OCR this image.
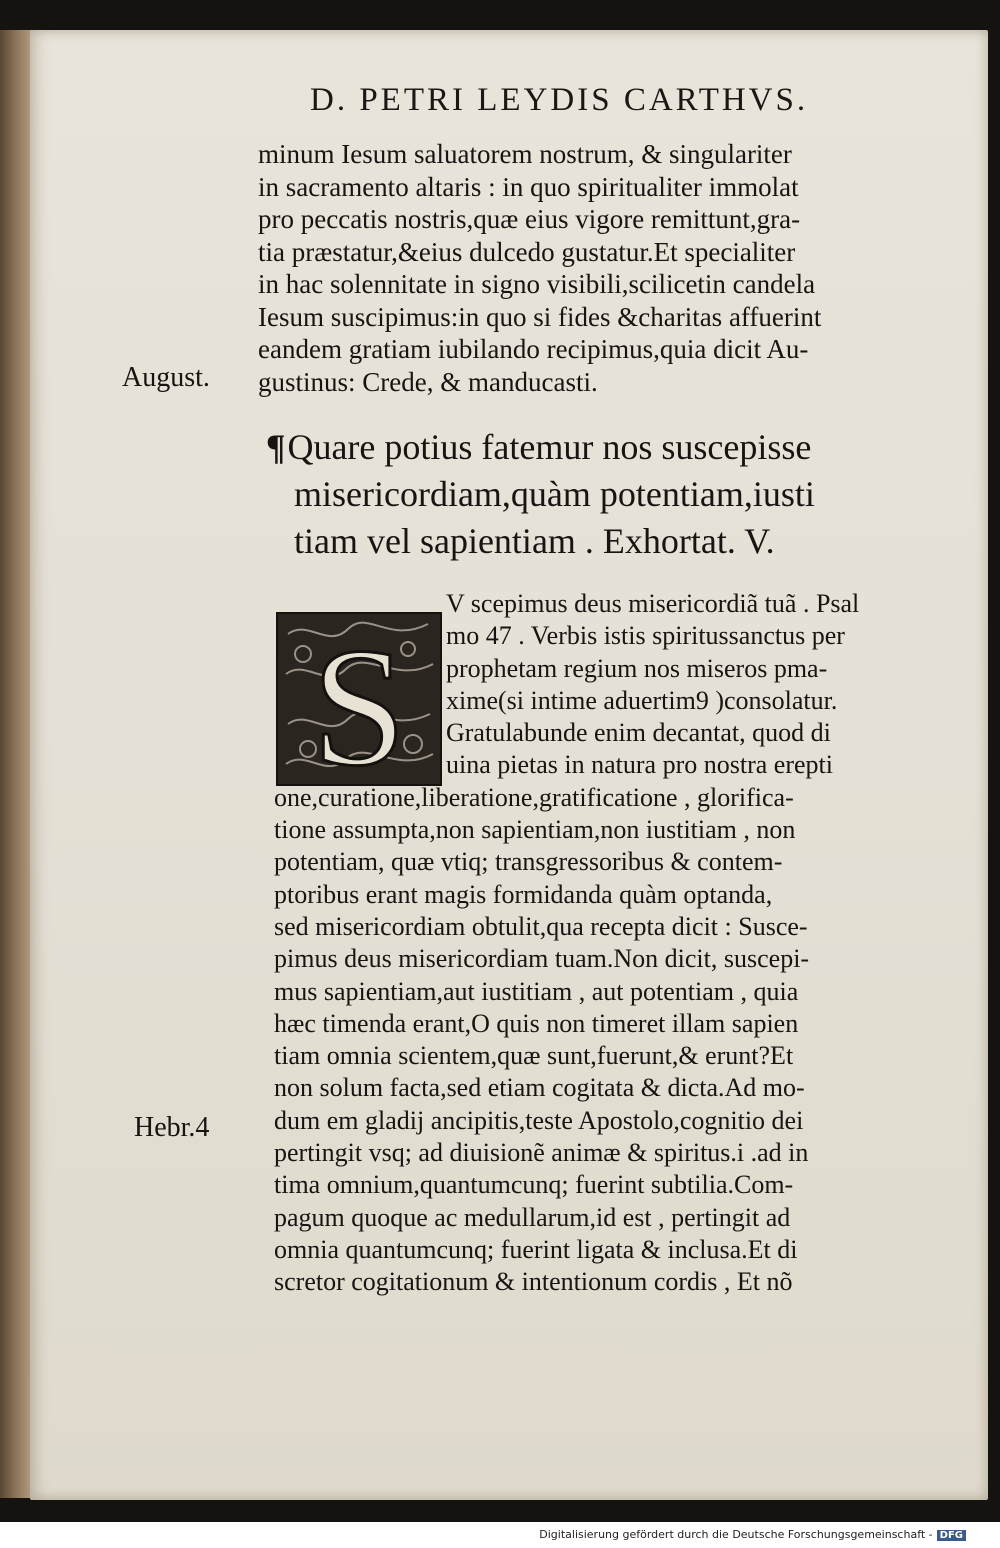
D. PETRI LEYDIS CARTHVS.
minum Iesum saluatorem nostrum, & singulariter
in sacramento altaris : in quo spiritualiter immolat
pro peccatis nostris,quæ eius vigore remittunt,gra-
tia præstatur,&eius dulcedo gustatur.Et specialiter
in hac solennitate in signo visibili,scilicetin candela
Iesum suscipimus:in quo si fides &charitas affuerint
eandem gratiam iubilando recipimus,quia dicit Au-
gustinus: Crede, & manducasti.
August.
¶Quare potius fatemur nos suscepisse
misericordiam,quàm potentiam,iusti
tiam vel sapientiam . Exhortat. V.
S
V scepimus deus misericordiã tuã . Psal
mo 47 . Verbis istis spiritussanctus per
prophetam regium nos miseros pma-
xime(si intime aduertim9 )consolatur.
Gratulabunde enim decantat, quod di
uina pietas in natura pro nostra erepti
one,curatione,liberatione,gratificatione , glorifica-
tione assumpta,non sapientiam,non iustitiam , non
potentiam, quæ vtiq; transgressoribus & contem-
ptoribus erant magis formidanda quàm optanda,
sed misericordiam obtulit,qua recepta dicit : Susce-
pimus deus misericordiam tuam.Non dicit, suscepi-
mus sapientiam,aut iustitiam , aut potentiam , quia
hæc timenda erant,O quis non timeret illam sapien
tiam omnia scientem,quæ sunt,fuerunt,& erunt?Et
non solum facta,sed etiam cogitata & dicta.Ad mo-
dum em gladij ancipitis,teste Apostolo,cognitio dei
pertingit vsq; ad diuisionẽ animæ & spiritus.i .ad in
tima omnium,quantumcunq; fuerint subtilia.Com-
pagum quoque ac medullarum,id est , pertingit ad
omnia quantumcunq; fuerint ligata & inclusa.Et di
scretor cogitationum & intentionum cordis , Et nõ
Hebr.4
Digitalisierung gefördert durch die Deutsche Forschungsgemeinschaft - DFG
